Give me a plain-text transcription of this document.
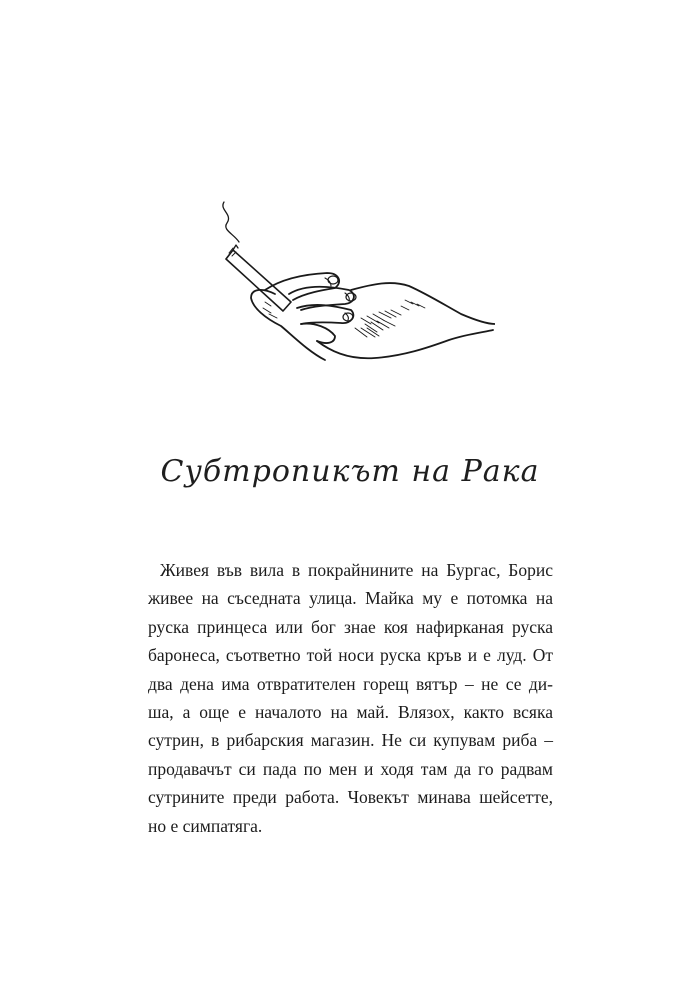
Субтропикът на Рака
Живея във вила в покрайнините на Бургас, Борис
живее на съседната улица. Майка му е потомка на
руска принцеса или бог знае коя нафирканая руска
баронеса, съответно той носи руска кръв и е луд. От
два дена има отвратителен горещ вятър – не се ди-
ша, а още е началото на май. Влязох, както всяка
сутрин, в рибарския магазин. Не си купувам риба –
продавачът си пада по мен и ходя там да го радвам
сутрините преди работа. Човекът минава шейсетте,
но е симпатяга.
